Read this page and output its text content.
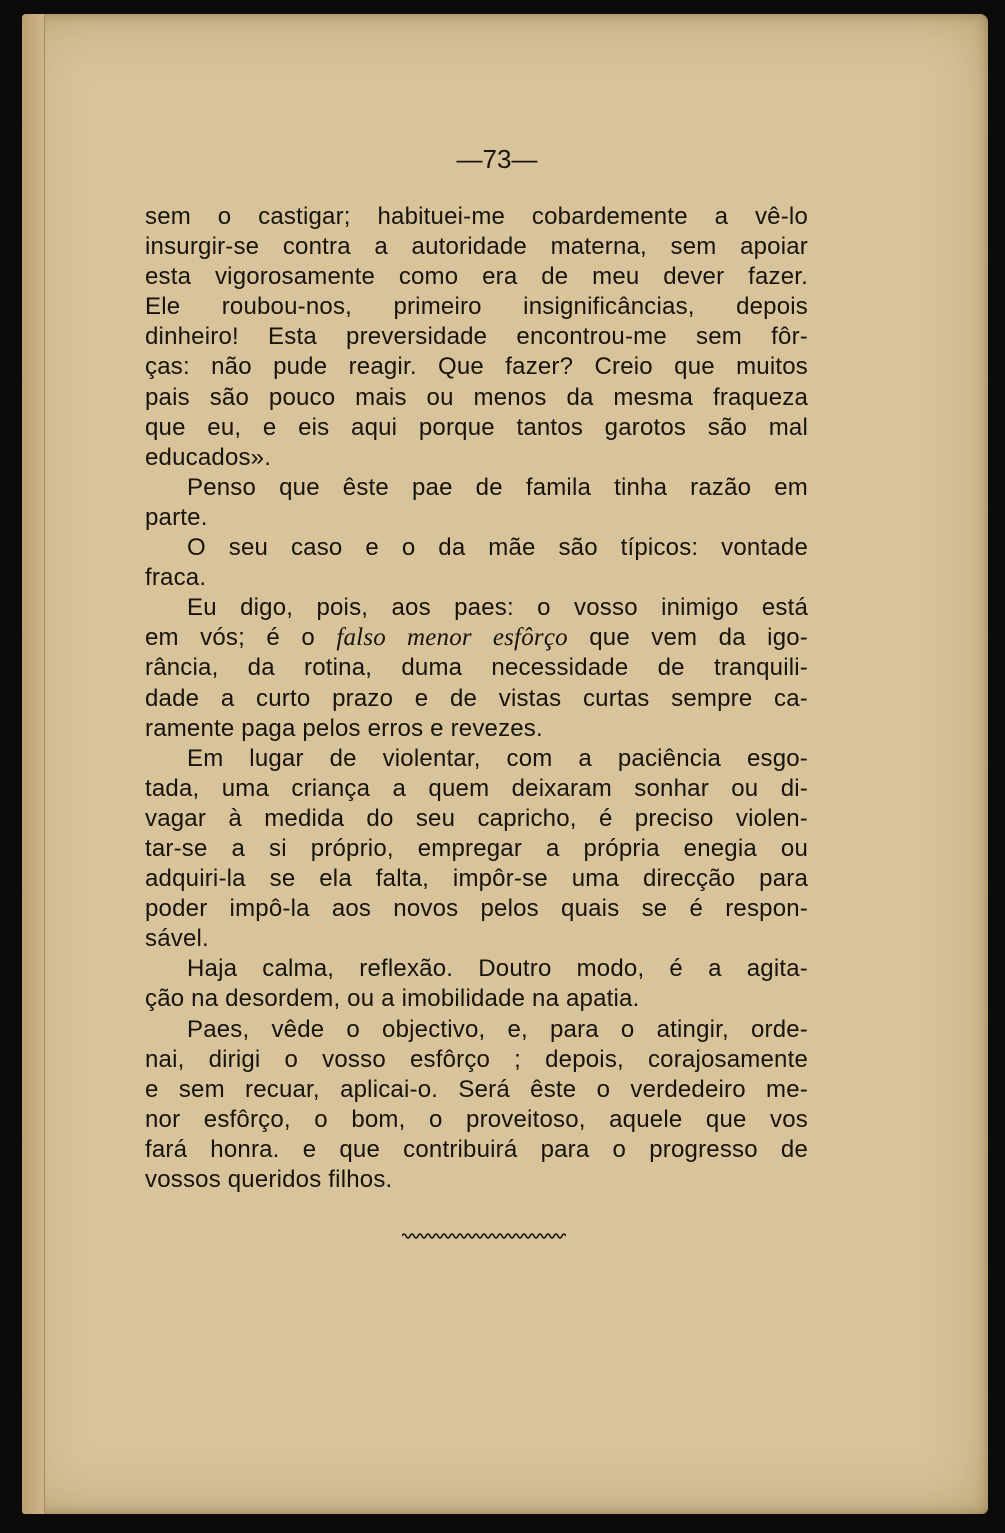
—73—
sem o castigar; habituei-me cobardemente a vê-lo
insurgir-se contra a autoridade materna, sem apoiar
esta vigorosamente como era de meu dever fazer.
Ele roubou-nos, primeiro insignificâncias, depois
dinheiro! Esta preversidade encontrou-me sem fôr-
ças: não pude reagir. Que fazer? Creio que muitos
pais são pouco mais ou menos da mesma fraqueza
que eu, e eis aqui porque tantos garotos são mal
educados».
Penso que êste pae de famila tinha razão em
parte.
O seu caso e o da mãe são típicos: vontade
fraca.
Eu digo, pois, aos paes: o vosso inimigo está
em vós; é o falso menor esfôrço que vem da igo-
rância, da rotina, duma necessidade de tranquili-
dade a curto prazo e de vistas curtas sempre ca-
ramente paga pelos erros e revezes.
Em lugar de violentar, com a paciência esgo-
tada, uma criança a quem deixaram sonhar ou di-
vagar à medida do seu capricho, é preciso violen-
tar-se a si próprio, empregar a própria enegia ou
adquiri-la se ela falta, impôr-se uma direcção para
poder impô-la aos novos pelos quais se é respon-
sável.
Haja calma, reflexão. Doutro modo, é a agita-
ção na desordem, ou a imobilidade na apatia.
Paes, vêde o objectivo, e, para o atingir, orde-
nai, dirigi o vosso esfôrço ; depois, corajosamente
e sem recuar, aplicai-o. Será êste o verdedeiro me-
nor esfôrço, o bom, o proveitoso, aquele que vos
fará honra. e que contribuirá para o progresso de
vossos queridos filhos.
